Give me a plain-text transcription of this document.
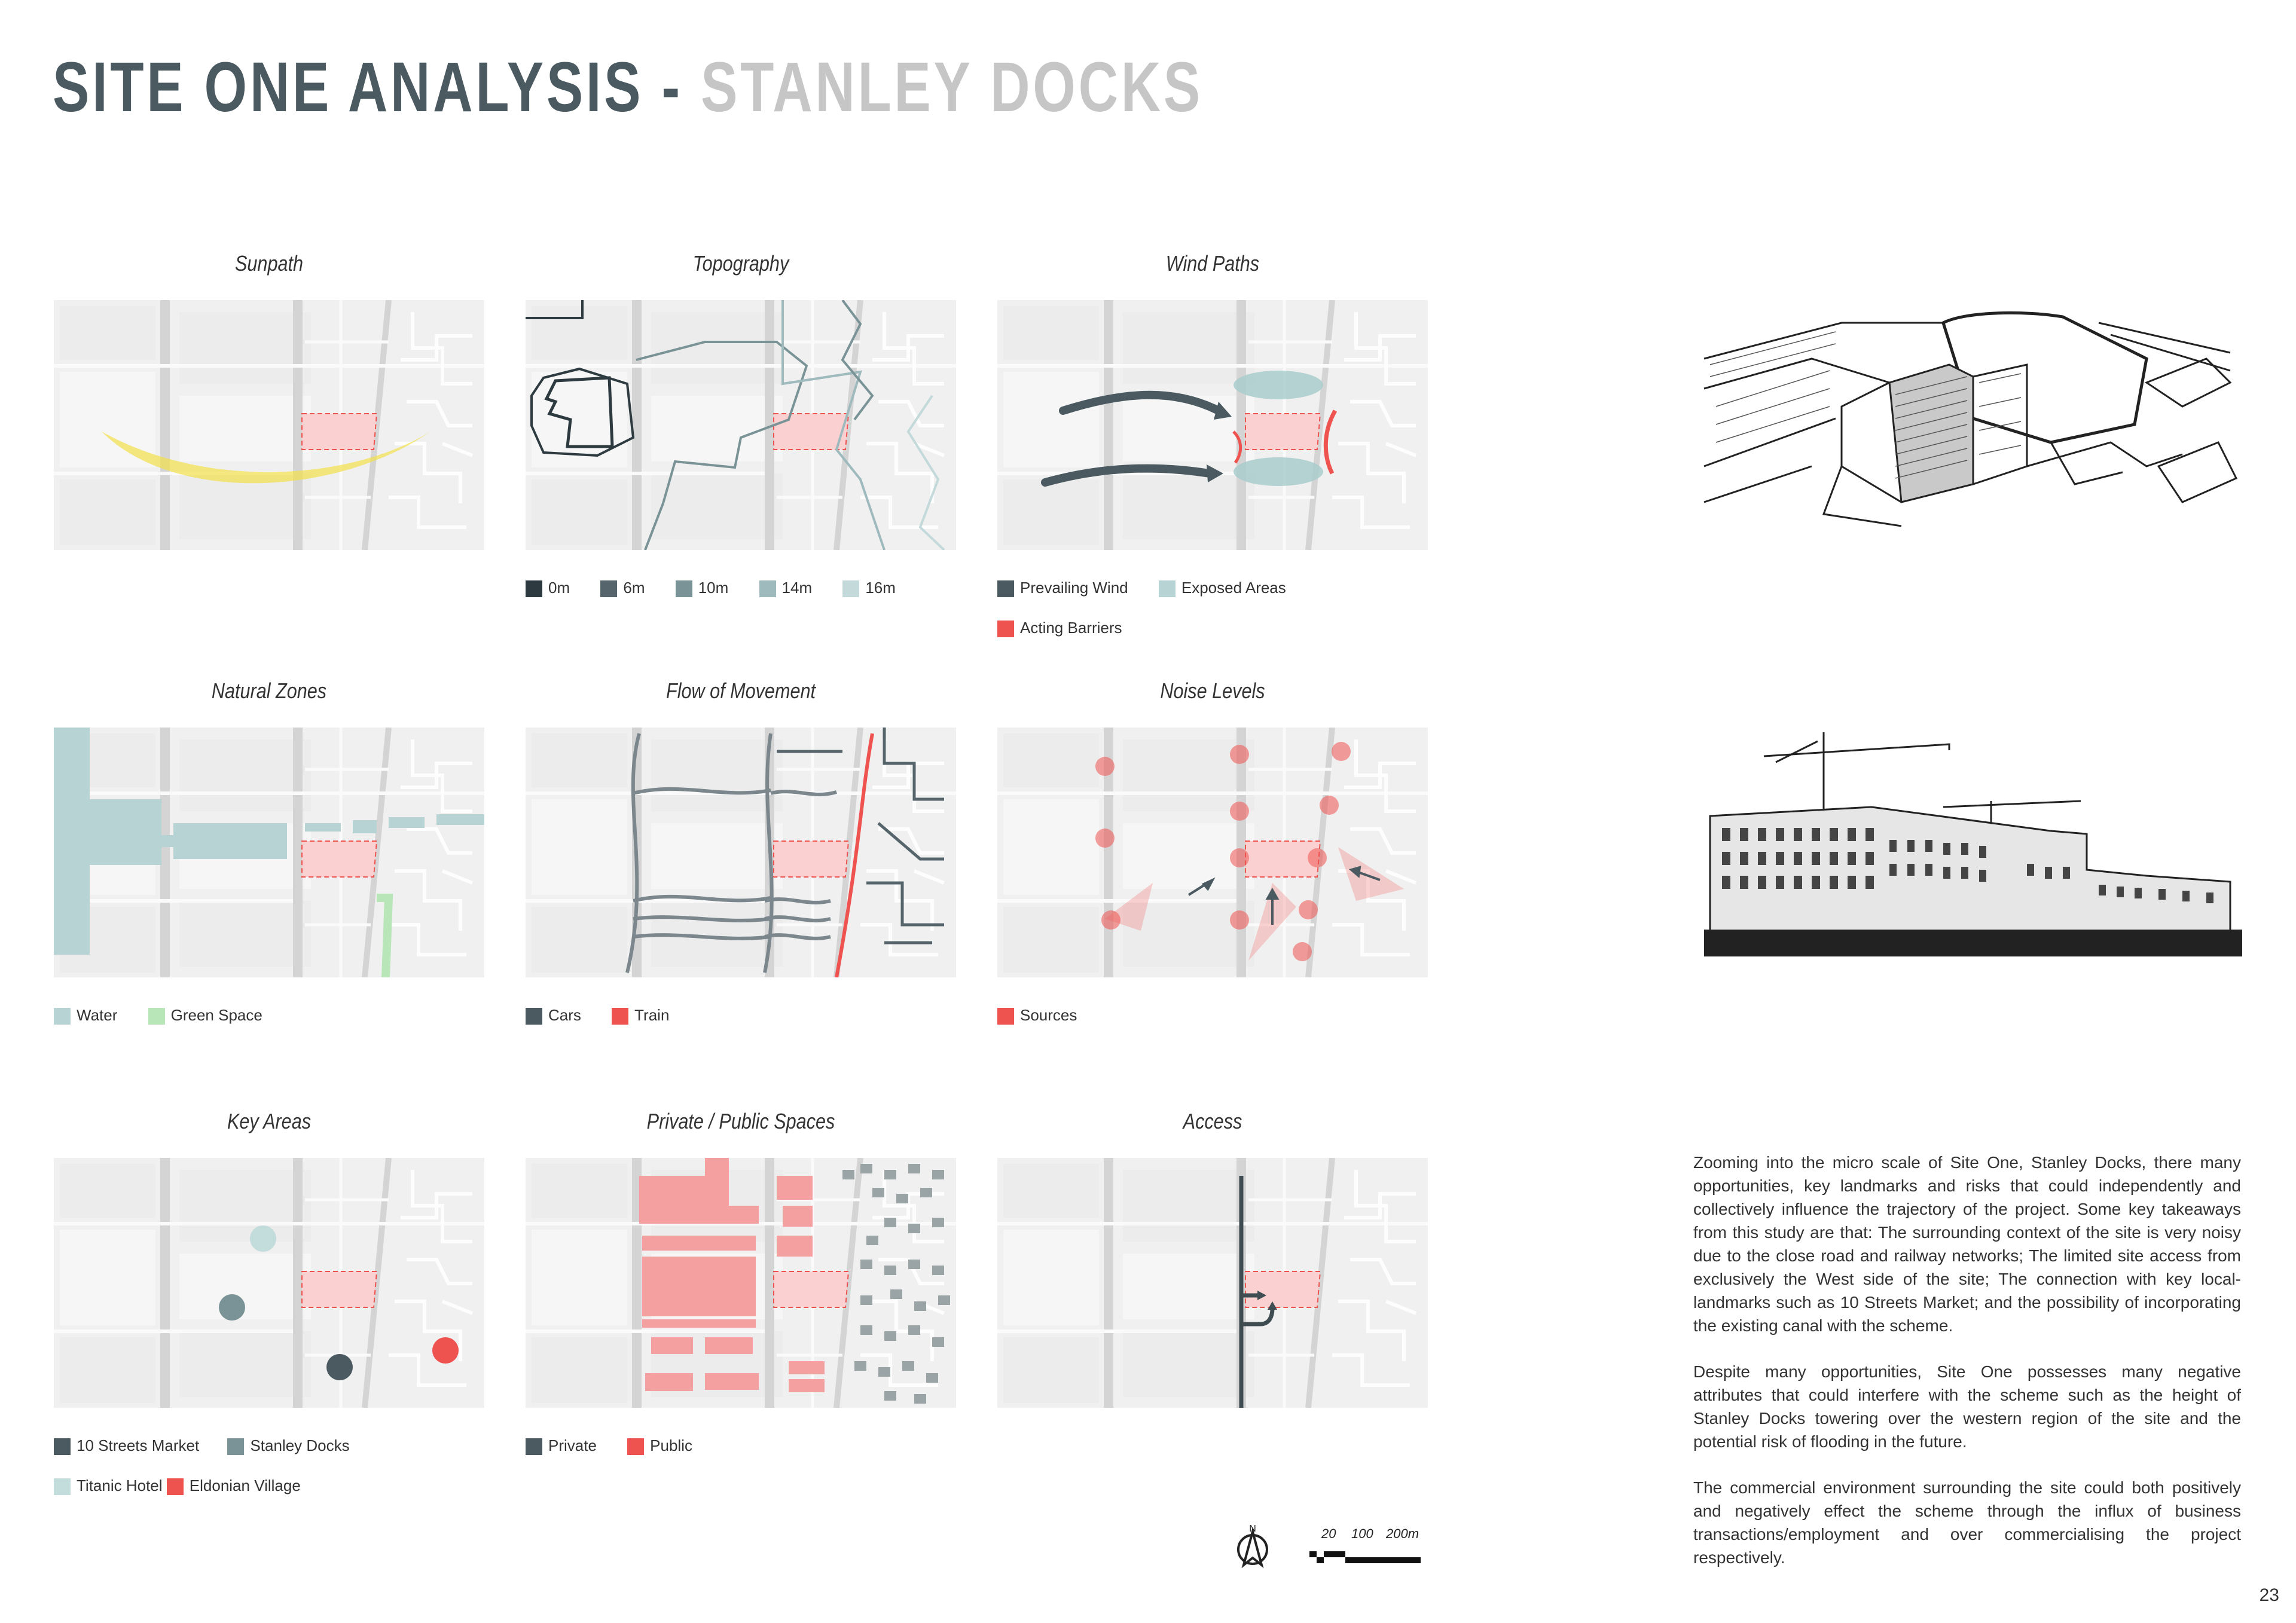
SITE ONE ANALYSIS - STANLEY DOCKS
Sunpath	Topography
0m	6m	10m	14m	16m
Wind Paths
Prevailing Wind	Exposed Areas Acting Barriers
Natural Zones
Water	Green Space
Flow of Movement
Cars	Train
Noise Levels
Sources
Key Areas
10 Streets Market	Stanley Docks Titanic Hotel Eldonian Village
Private / Public Spaces
Private	Public
Access

Zooming into the micro scale of Site One, Stanley Docks, there many opportunities, key landmarks and risks that could independently and collectively influence the trajectory of the project. Some key takeaways from this study are that: The surrounding context of the site is very noisy due to the close road and railway networks; The limited site access from exclusively the West side of the site; The connection with key local-landmarks such as 10 Streets Market; and the possibility of incorporating the existing canal with the scheme.

Despite many opportunities, Site One possesses many negative attributes that could interfere with the scheme such as the height of Stanley Docks towering over the western region of the site and the potential risk of flooding in the future.

The commercial environment surrounding the site could both positively and negatively effect the scheme through the influx of business transactions/employment and over commercialising the project respectively.

N	20 100 200m
23
